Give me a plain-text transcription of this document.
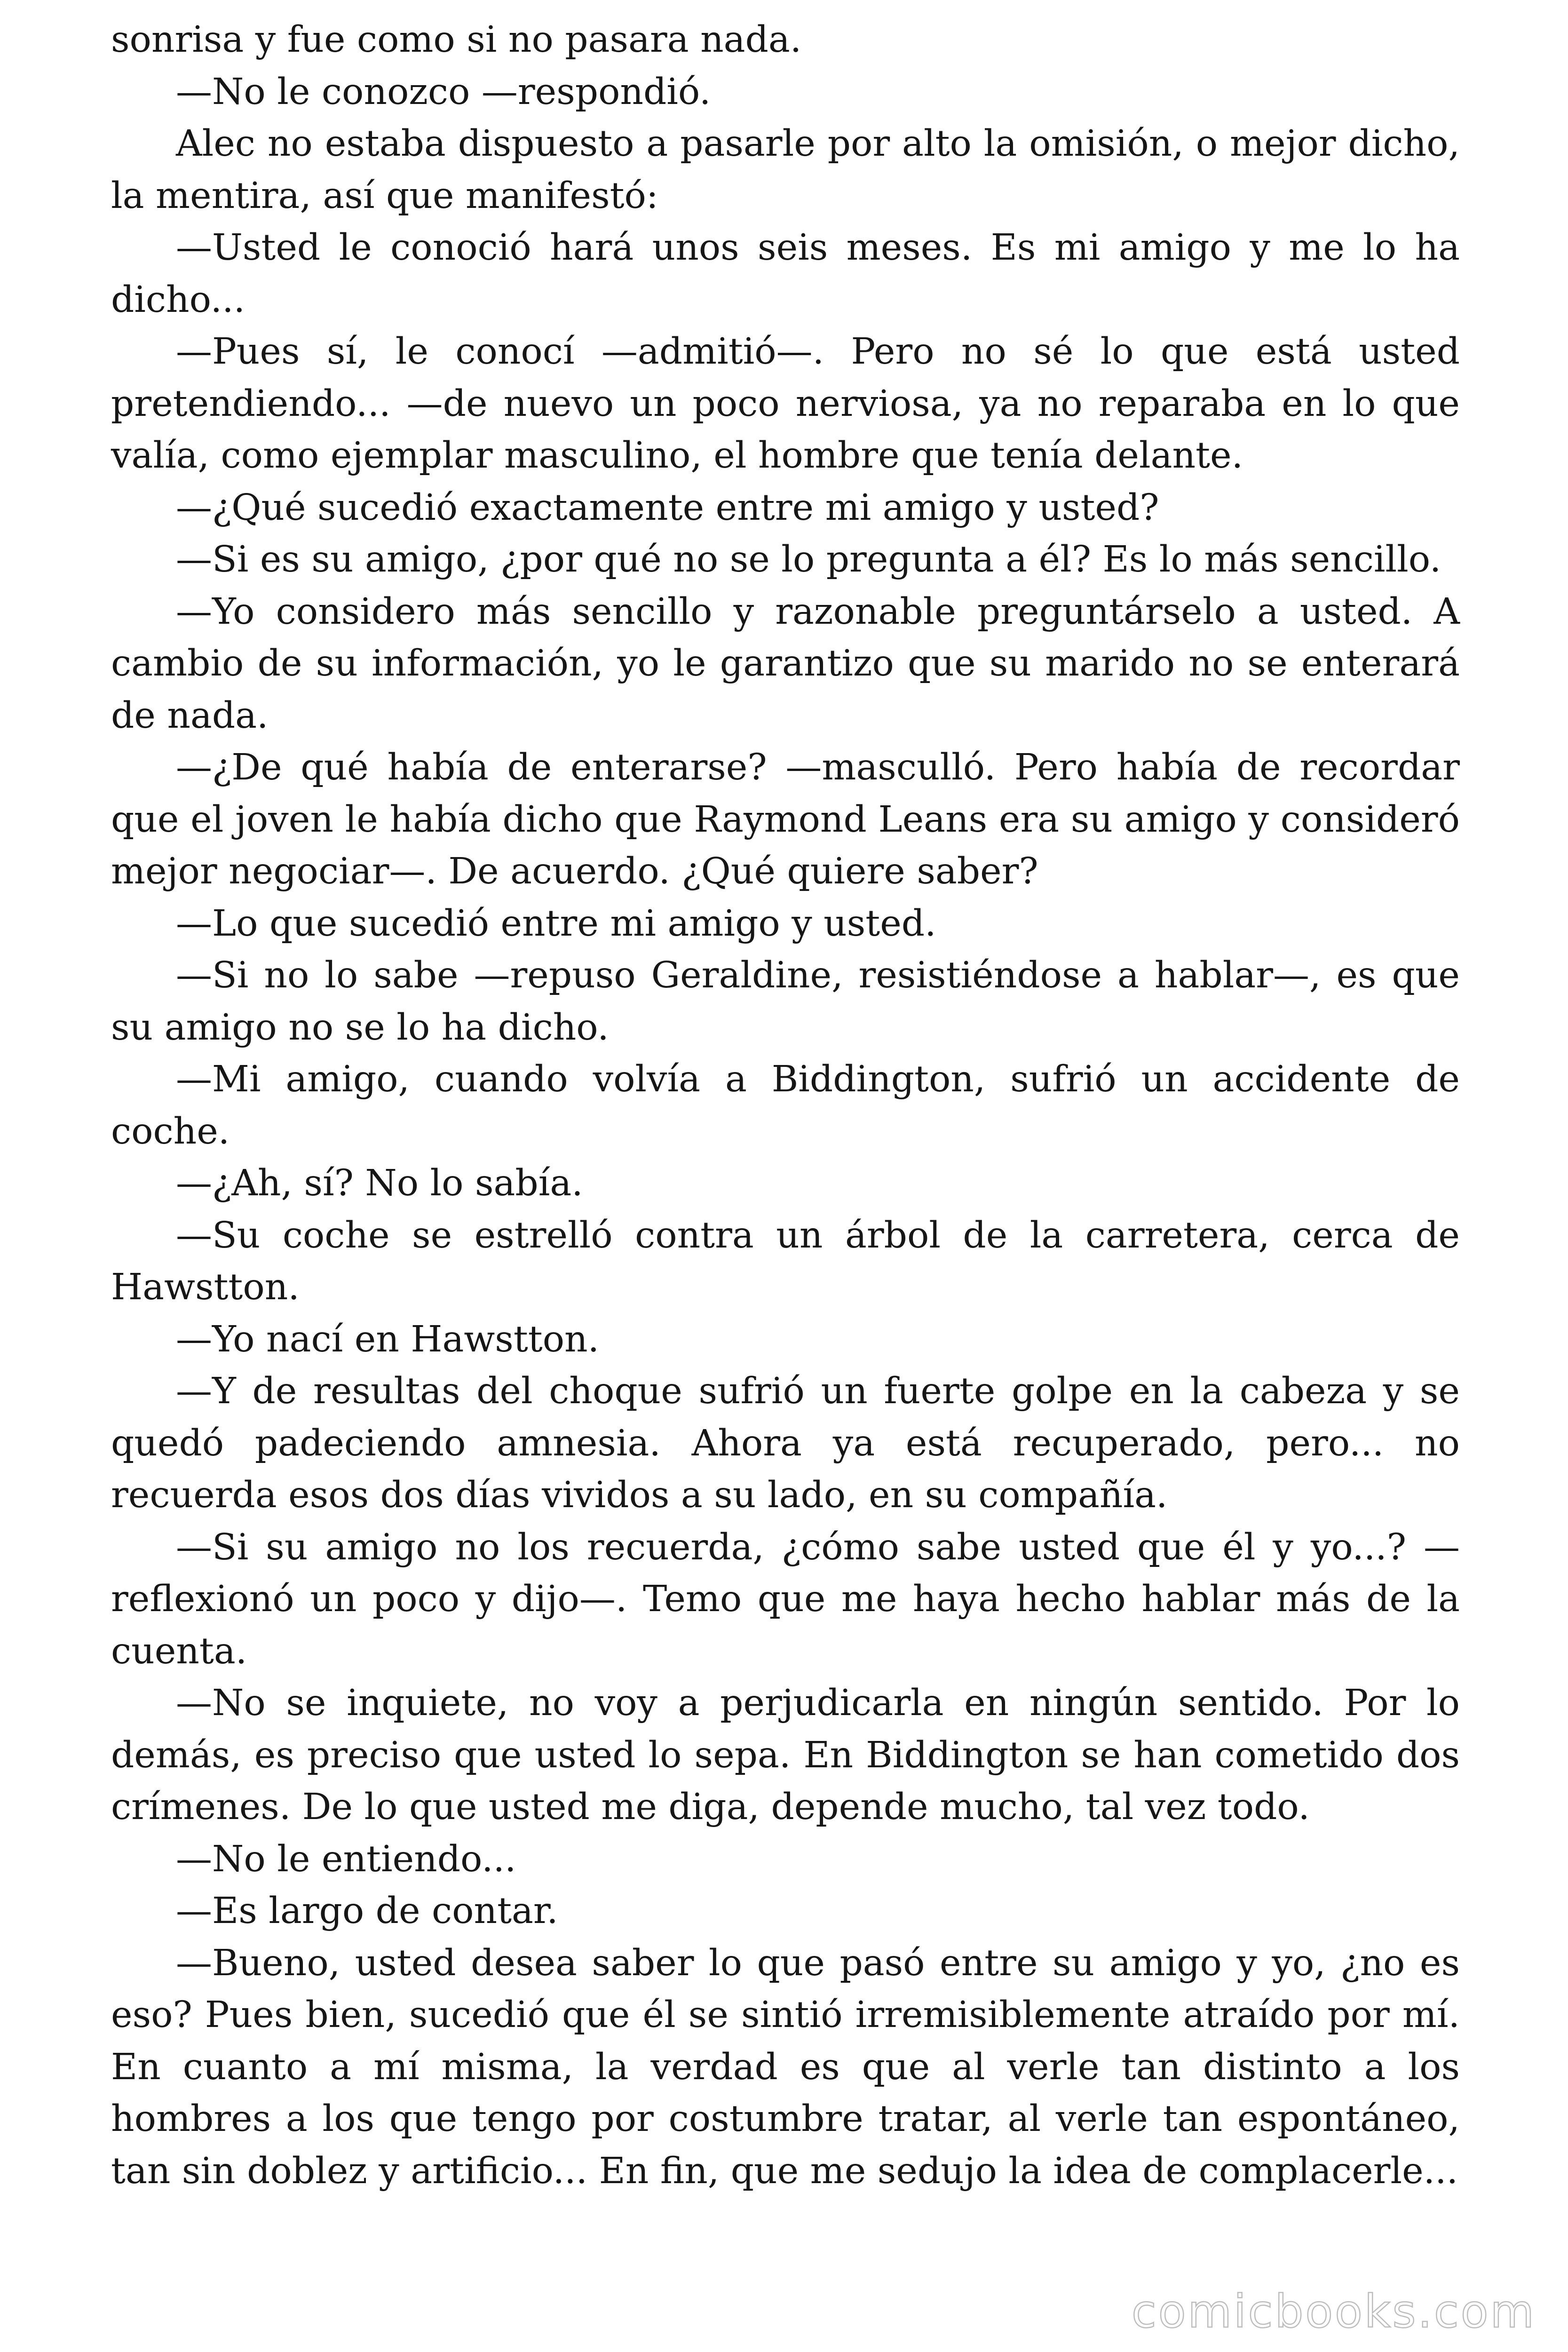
sonrisa y fue como si no pasara nada.

—No le conozco —respondió.

Alec no estaba dispuesto a pasarle por alto la omisión, o mejor dicho, la mentira, así que manifestó:

—Usted le conoció hará unos seis meses. Es mi amigo y me lo ha dicho...

—Pues sí, le conocí —admitió—. Pero no sé lo que está usted pretendiendo... —de nuevo un poco nerviosa, ya no reparaba en lo que valía, como ejemplar masculino, el hombre que tenía delante.

—¿Qué sucedió exactamente entre mi amigo y usted?

—Si es su amigo, ¿por qué no se lo pregunta a él? Es lo más sencillo.

—Yo considero más sencillo y razonable preguntárselo a usted. A cambio de su información, yo le garantizo que su marido no se enterará de nada.

—¿De qué había de enterarse? —masculló. Pero había de recordar que el joven le había dicho que Raymond Leans era su amigo y consideró mejor negociar—. De acuerdo. ¿Qué quiere saber?

—Lo que sucedió entre mi amigo y usted.

—Si no lo sabe —repuso Geraldine, resistiéndose a hablar—, es que su amigo no se lo ha dicho.

—Mi amigo, cuando volvía a Biddington, sufrió un accidente de coche.

—¿Ah, sí? No lo sabía.

—Su coche se estrelló contra un árbol de la carretera, cerca de Hawstton.

—Yo nací en Hawstton.

—Y de resultas del choque sufrió un fuerte golpe en la cabeza y se quedó padeciendo amnesia. Ahora ya está recuperado, pero... no recuerda esos dos días vividos a su lado, en su compañía.

—Si su amigo no los recuerda, ¿cómo sabe usted que él y yo...? —reflexionó un poco y dijo—. Temo que me haya hecho hablar más de la cuenta.

—No se inquiete, no voy a perjudicarla en ningún sentido. Por lo demás, es preciso que usted lo sepa. En Biddington se han cometido dos crímenes. De lo que usted me diga, depende mucho, tal vez todo.

—No le entiendo...

—Es largo de contar.

—Bueno, usted desea saber lo que pasó entre su amigo y yo, ¿no es eso? Pues bien, sucedió que él se sintió irremisiblemente atraído por mí. En cuanto a mí misma, la verdad es que al verle tan distinto a los hombres a los que tengo por costumbre tratar, al verle tan espontáneo, tan sin doblez y artificio... En fin, que me sedujo la idea de complacerle...

comicbooks.com
